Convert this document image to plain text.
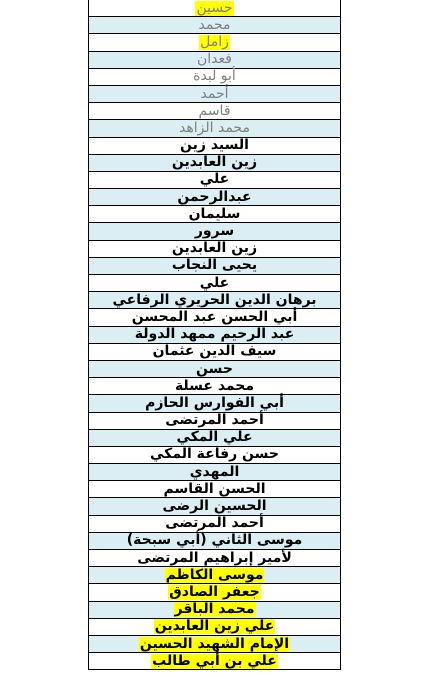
حسين
محمد
زامل
فعدان
أبو لبدة
أحمد
قاسم
محمد الزاهد
السيد زين
زين العابدين
علي
عبدالرحمن
سليمان
سرور
زين العابدين
يحيى النجاب
علي
برهان الدين الحريري الرفاعي
أبي الحسن عبد المحسن
عبد الرحيم ممهد الدولة
سيف الدين عثمان
حسن
محمد عسلة
أبي الفوارس الحازم
أحمد المرتضى
علي المكي
حسن رفاعة المكي
المهدي
الحسن القاسم
الحسين الرضى
أحمد المرتضى
موسى الثاني (أبي سبحة)
لأمير إبراهيم المرتضى
موسى الكاظم
جعفر الصادق
محمد الباقر
علي زين العابدين
الإمام الشهيد الحسين
علي بن أبي طالب
